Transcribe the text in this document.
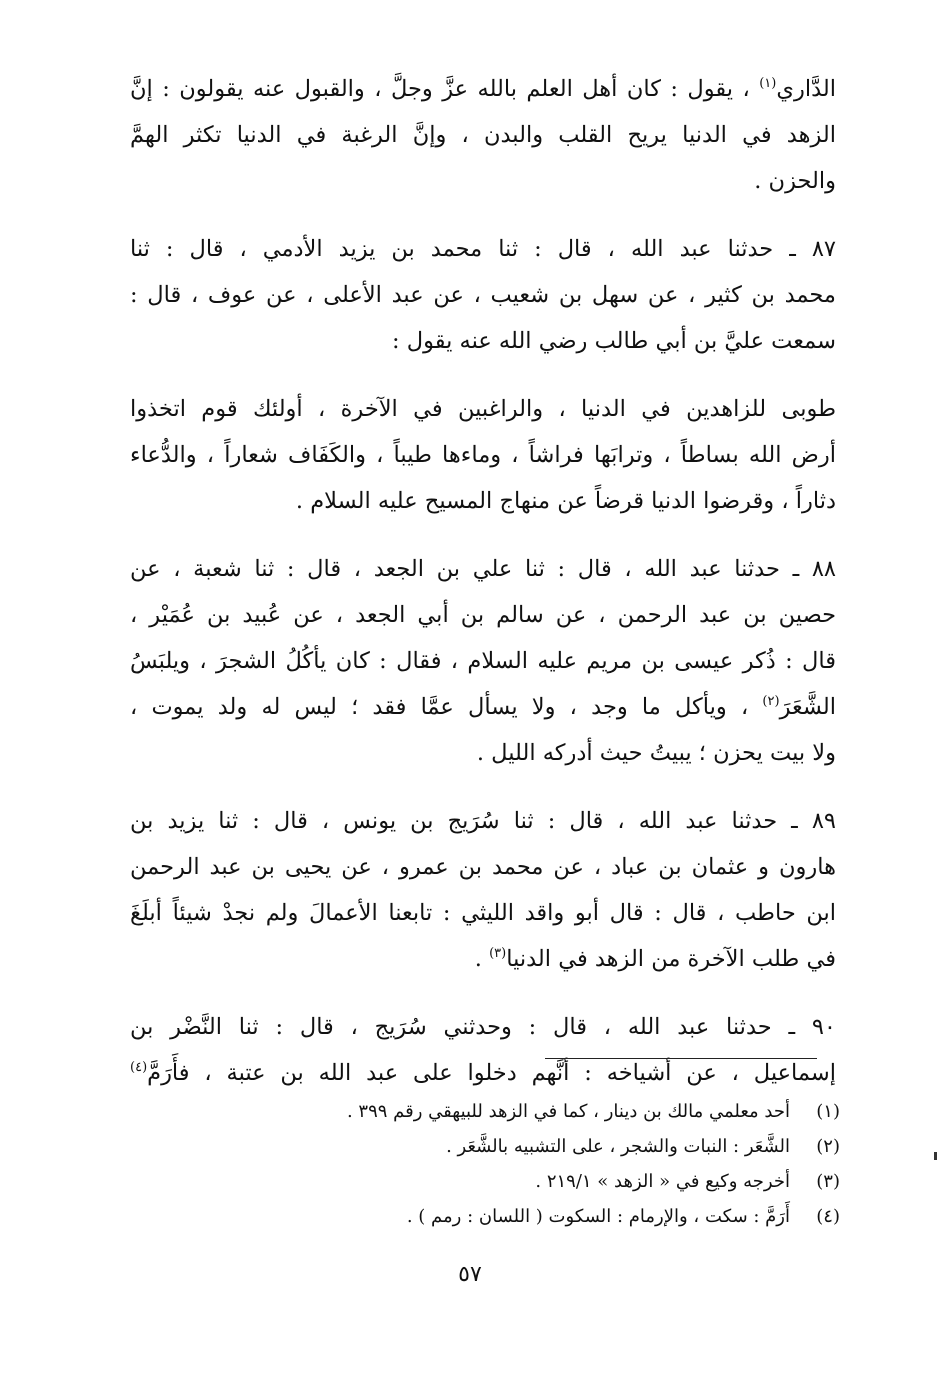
الدَّاري$^{(١)}$ ، يقول : كان أهل العلم بالله عزَّ وجلَّ ، والقبول عنه يقولون : إنَّ
الزهد في الدنيا يريح القلب والبدن ، وإنَّ الرغبة في الدنيا تكثر الهمَّ
والحزن .
٨٧ ـ حدثنا عبد الله ، قال : ثنا محمد بن يزيد الأدمي ، قال : ثنا
محمد بن كثير ، عن سهل بن شعيب ، عن عبد الأعلى ، عن عوف ، قال :
سمعت عليَّ بن أبي طالب رضي الله عنه يقول :
طوبى للزاهدين في الدنيا ، والراغبين في الآخرة ، أولئك قوم اتخذوا
أرض الله بساطاً ، وترابَها فراشاً ، وماءها طيباً ، والكَفَاف شعاراً ، والدُّعاء
دثاراً ، وقرضوا الدنيا قرضاً عن منهاج المسيح عليه السلام .
٨٨ ـ حدثنا عبد الله ، قال : ثنا علي بن الجعد ، قال : ثنا شعبة ، عن
حصين بن عبد الرحمن ، عن سالم بن أبي الجعد ، عن عُبيد بن عُمَيْر ،
قال : ذُكر عيسى بن مريم عليه السلام ، فقال : كان يأكُلُ الشجرَ ، ويلبَسُ
الشَّعَرَ$^{(٢)}$ ، ويأكل ما وجد ، ولا يسأل عمَّا فقد ؛ ليس له ولد يموت ،
ولا بيت يحزن ؛ يبيتُ حيث أدركه الليل .
٨٩ ـ حدثنا عبد الله ، قال : ثنا سُرَيج بن يونس ، قال : ثنا يزيد بن
هارون و عثمان بن عباد ، عن محمد بن عمرو ، عن يحيى بن عبد الرحمن
ابن حاطب ، قال : قال أبو واقد الليثي : تابعنا الأعمالَ ولم نجدْ شيئاً أبلَغَ
في طلب الآخرة من الزهد في الدنيا$^{(٣)}$ .
٩٠ ـ حدثنا عبد الله ، قال : وحدثني سُرَيج ، قال : ثنا النَّضْر بن
إسماعيل ، عن أشياخه : أنَّهم دخلوا على عبد الله بن عتبة ، فأَرَمَّ$^{(٤)}$
(١)أحد معلمي مالك بن دينار ، كما في الزهد للبيهقي رقم ٣٩٩ .
(٢)الشَّعَر : النبات والشجر ، على التشبيه بالشَّعَر .
(٣)أخرجه وكيع في « الزهد » ٢١٩/١ .
(٤)أَرَمَّ : سكت ، والإرمام : السكوت ( اللسان : رمم ) .
٥٧
